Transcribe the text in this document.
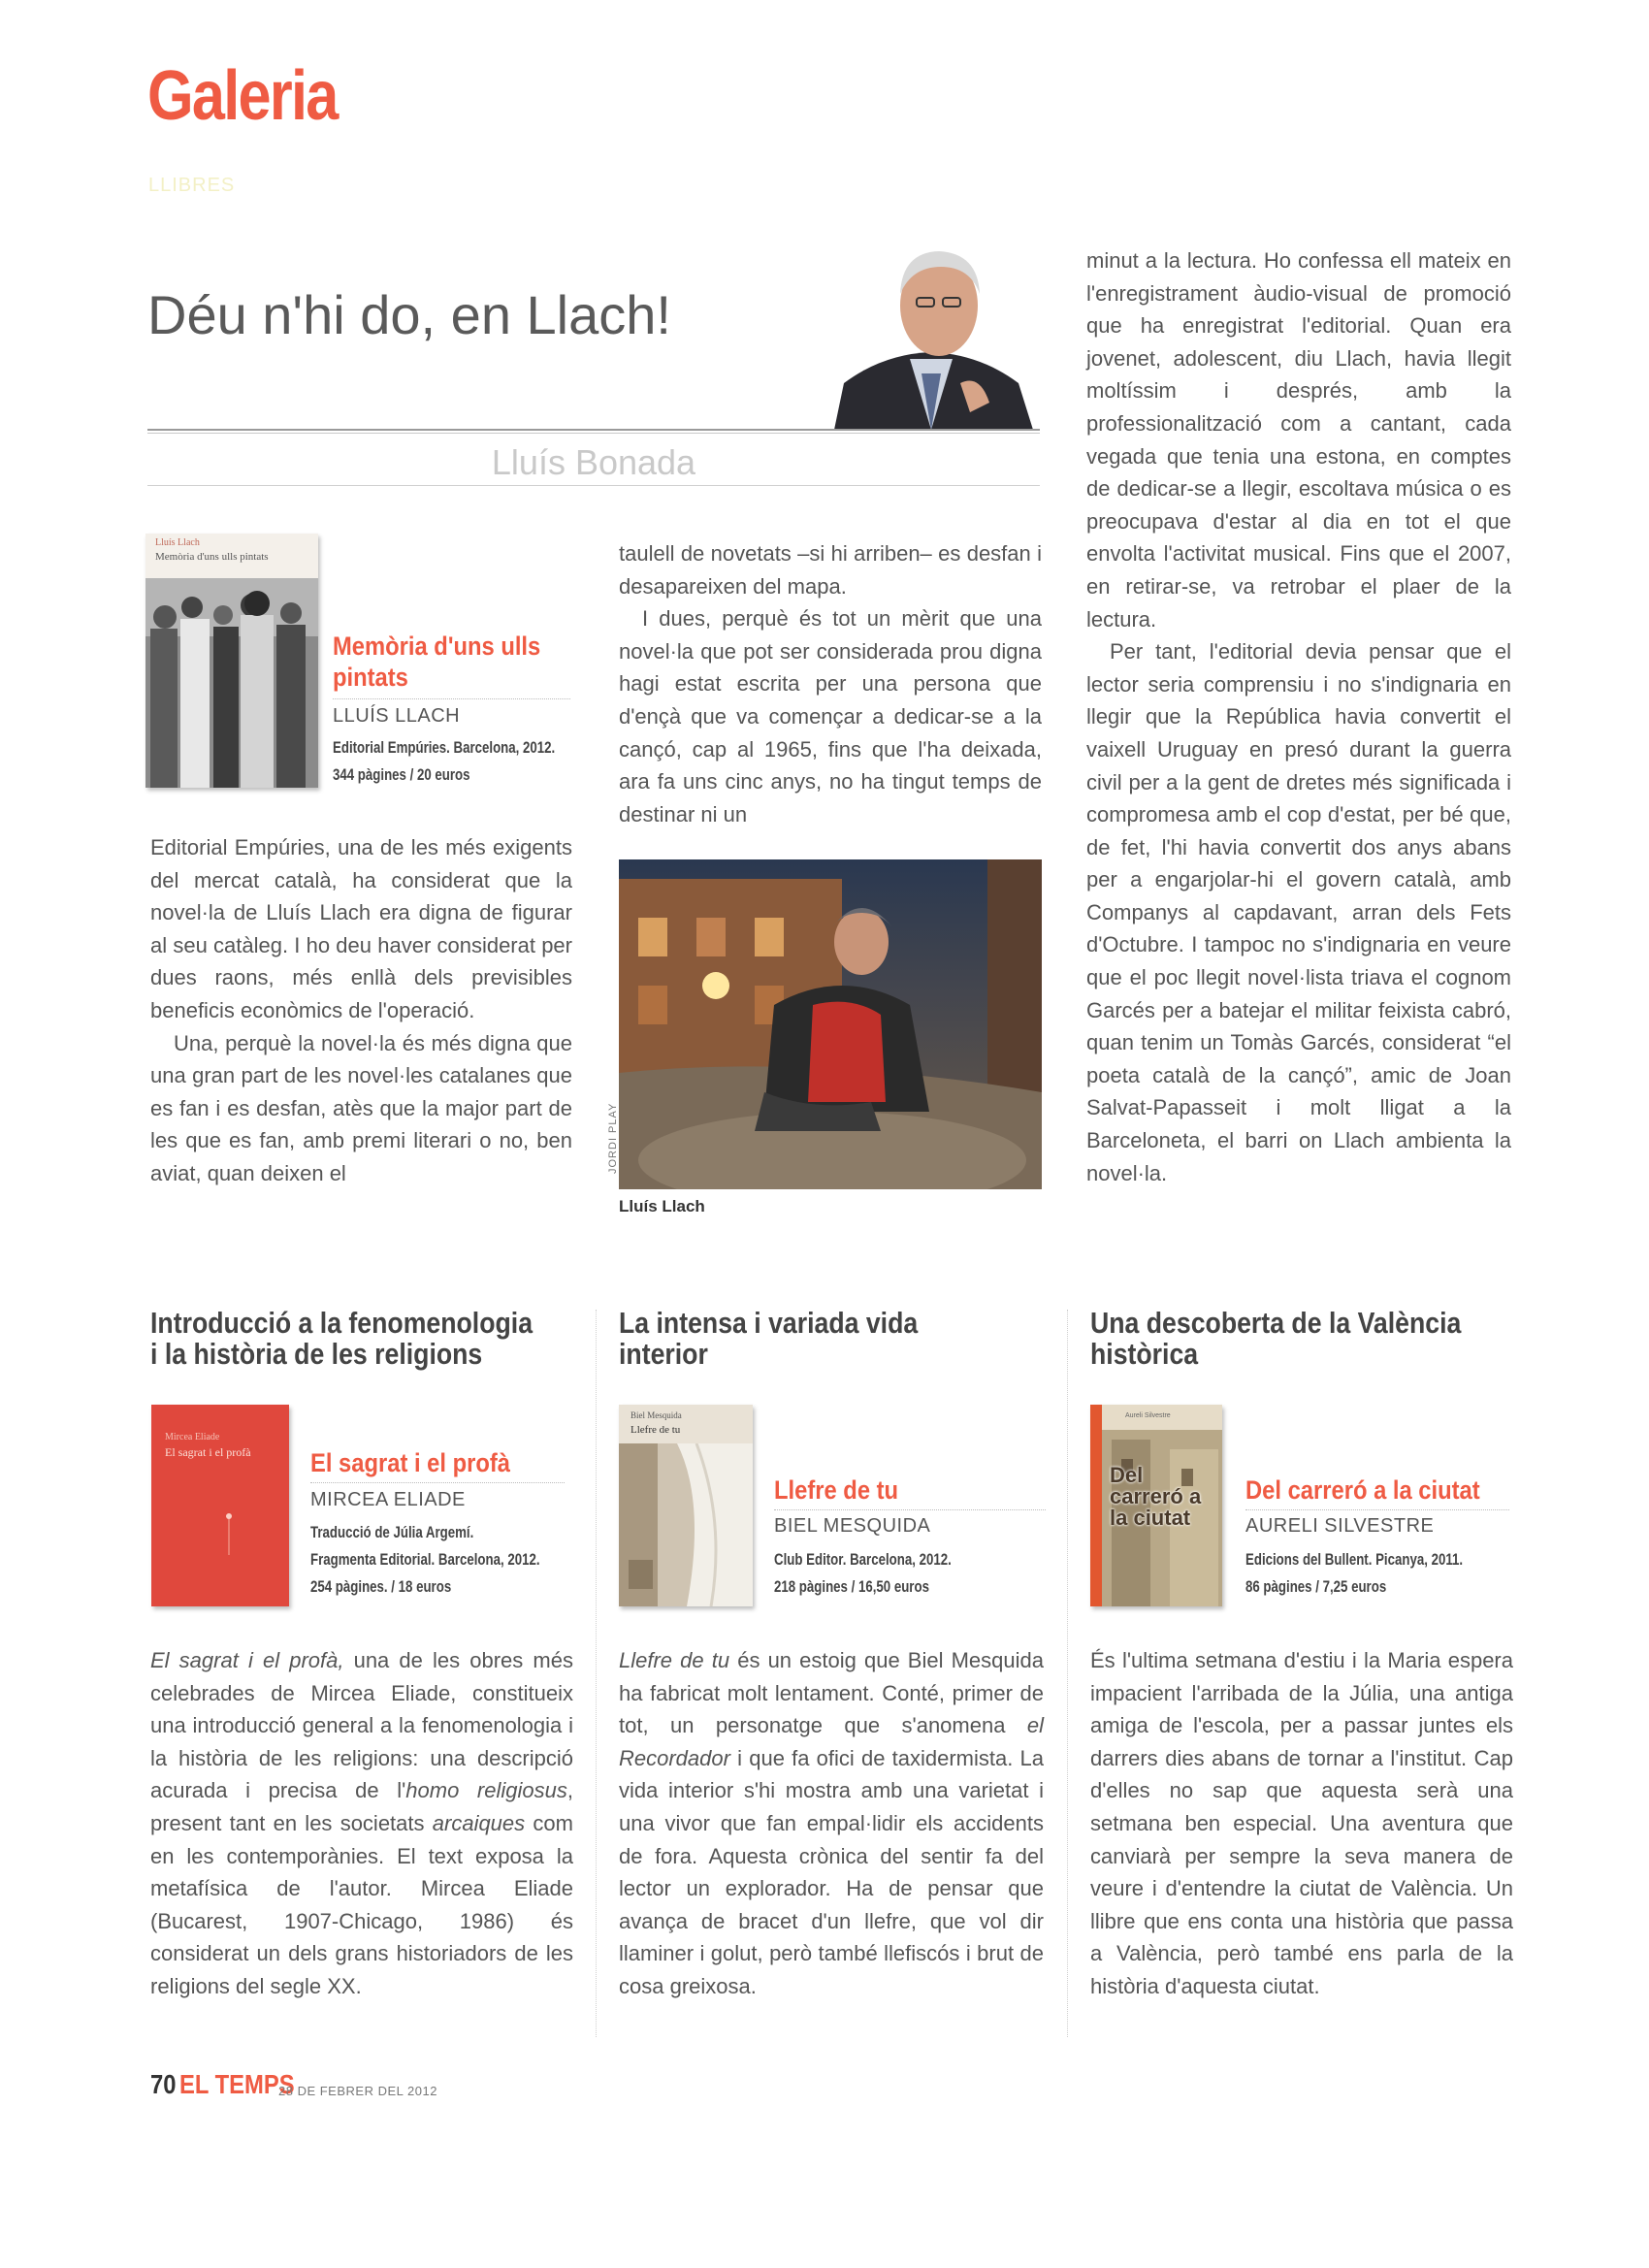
Galeria
LLIBRES
Déu n'hi do, en Llach!
Lluís Bonada
Lluís Llach
Memòria d'uns ulls pintats
Memòria d'uns ulls pintats
LLUÍS LLACH
Editorial Empúries. Barcelona, 2012.
344 pàgines / 20 euros

Editorial Empúries, una de les més exigents del mercat català, ha considerat que la novel·la de Lluís Llach era digna de figurar al seu catàleg. I ho deu haver considerat per dues raons, més enllà dels previsibles beneficis econòmics de l'operació.

Una, perquè la novel·la és més digna que una gran part de les novel·les catalanes que es fan i es desfan, atès que la major part de les que es fan, amb premi literari o no, ben aviat, quan deixen el

taulell de novetats –si hi arriben– es desfan i desapareixen del mapa.

I dues, perquè és tot un mèrit que una novel·la que pot ser considerada prou digna hagi estat escrita per una persona que d'ençà que va començar a dedicar-se a la cançó, cap al 1965, fins que l'ha deixada, ara fa uns cinc anys, no ha tingut temps de destinar ni un

JORDI PLAY
Lluís Llach

minut a la lectura. Ho confessa ell mateix en l'enregistrament àudio-visual de promoció que ha enregistrat l'editorial. Quan era jovenet, adolescent, diu Llach, havia llegit moltíssim i després, amb la professionalització com a cantant, cada vegada que tenia una estona, en comptes de dedicar-se a llegir, escoltava música o es preocupava d'estar al dia en tot el que envolta l'activitat musical. Fins que el 2007, en retirar-se, va retrobar el plaer de la lectura.

Per tant, l'editorial devia pensar que el lector seria comprensiu i no s'indignaria en llegir que la República havia convertit el vaixell Uruguay en presó durant la guerra civil per a la gent de dretes més significada i compromesa amb el cop d'estat, per bé que, de fet, l'hi havia convertit dos anys abans per a engarjolar-hi el govern català, amb Companys al capdavant, arran dels Fets d'Octubre. I tampoc no s'indignaria en veure que el poc llegit novel·lista triava el cognom Garcés per a batejar el militar feixista cabró, quan tenim un Tomàs Garcés, considerat “el poeta català de la cançó”, amic de Joan Salvat-Papasseit i molt lligat a la Barceloneta, el barri on Llach ambienta la novel·la.

Introducció a la fenomenologia
i la història de les religions
Mircea Eliade
El sagrat i el profà El sagrat i el profà
MIRCEA ELIADE
Traducció de Júlia Argemí.
Fragmenta Editorial. Barcelona, 2012.
254 pàgines. / 18 euros
El sagrat i el profà, una de les obres més celebrades de Mircea Eliade, constitueix una introducció general a la fenomenologia i la història de les religions: una descripció acurada i precisa de l'homo religiosus, present tant en les societats arcaiques com en les contemporànies. El text exposa la metafísica de l'autor. Mircea Eliade (Bucarest, 1907-Chicago, 1986) és considerat un dels grans historiadors de les religions del segle XX.
La intensa i variada vida
interior
Biel Mesquida
Llefre de tu
Llefre de tu
BIEL MESQUIDA
Club Editor. Barcelona, 2012.
218 pàgines / 16,50 euros
Llefre de tu és un estoig que Biel Mesquida ha fabricat molt lentament. Conté, primer de tot, un personatge que s'anomena el Recordador i que fa ofici de taxidermista. La vida interior s'hi mostra amb una varietat i una vivor que fan empal·lidir els accidents de fora. Aquesta crònica del sentir fa del lector un explorador. Ha de pensar que avança de bracet d'un llefre, que vol dir llaminer i golut, però també llefiscós i brut de cosa greixosa.
Una descoberta de la València
històrica
Aureli Silvestre
Del carreró a la ciutat
Del carreró a la ciutat
AURELI SILVESTRE
Edicions del Bullent. Picanya, 2011.
86 pàgines / 7,25 euros
És l'ultima setmana d'estiu i la Maria espera impacient l'arribada de la Júlia, una antiga amiga de l'escola, per a passar juntes els darrers dies abans de tornar a l'institut. Cap d'elles no sap que aquesta serà una setmana ben especial. Una aventura que canviarà per sempre la seva manera de veure i d'entendre la ciutat de València. Un llibre que ens conta una història que passa a València, però també ens parla de la història d'aquesta ciutat.
70 EL TEMPS
28 DE FEBRER DEL 2012
